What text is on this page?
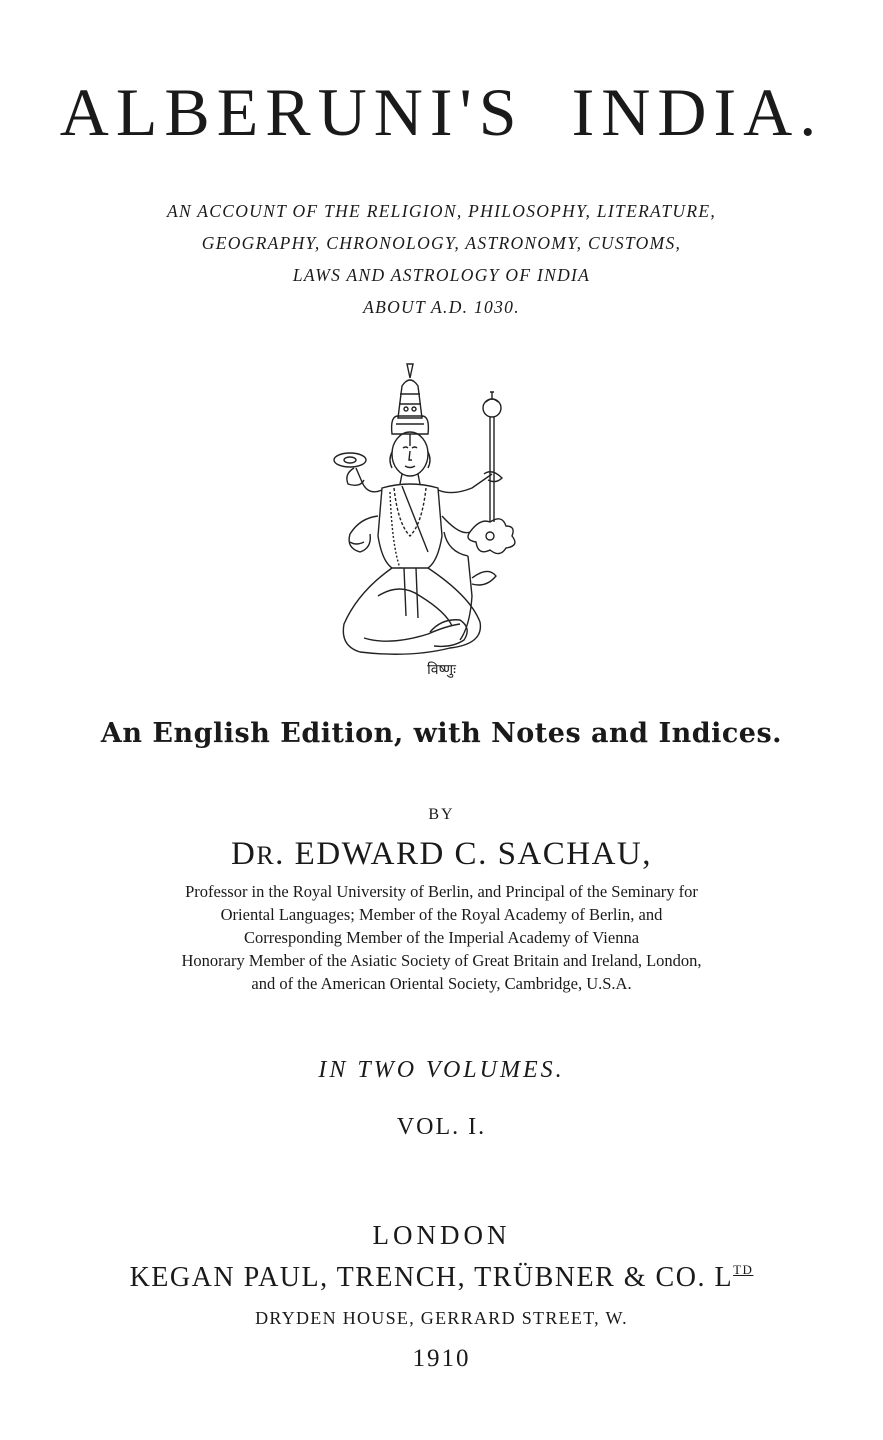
ALBERUNI'S INDIA.
AN ACCOUNT OF THE RELIGION, PHILOSOPHY, LITERATURE,
GEOGRAPHY, CHRONOLOGY, ASTRONOMY, CUSTOMS,
LAWS AND ASTROLOGY OF INDIA
ABOUT A.D. 1030.
विष्णुः
An English Edition, with Notes and Indices.
BY
DR. EDWARD C. SACHAU,
Professor in the Royal University of Berlin, and Principal of the Seminary for
Oriental Languages; Member of the Royal Academy of Berlin, and
Corresponding Member of the Imperial Academy of Vienna
Honorary Member of the Asiatic Society of Great Britain and Ireland, London,
and of the American Oriental Society, Cambridge, U.S.A.
IN TWO VOLUMES.
VOL. I.
LONDON
KEGAN PAUL, TRENCH, TRÜBNER & CO. $L^{TD}$
DRYDEN HOUSE, GERRARD STREET, W.
1910
